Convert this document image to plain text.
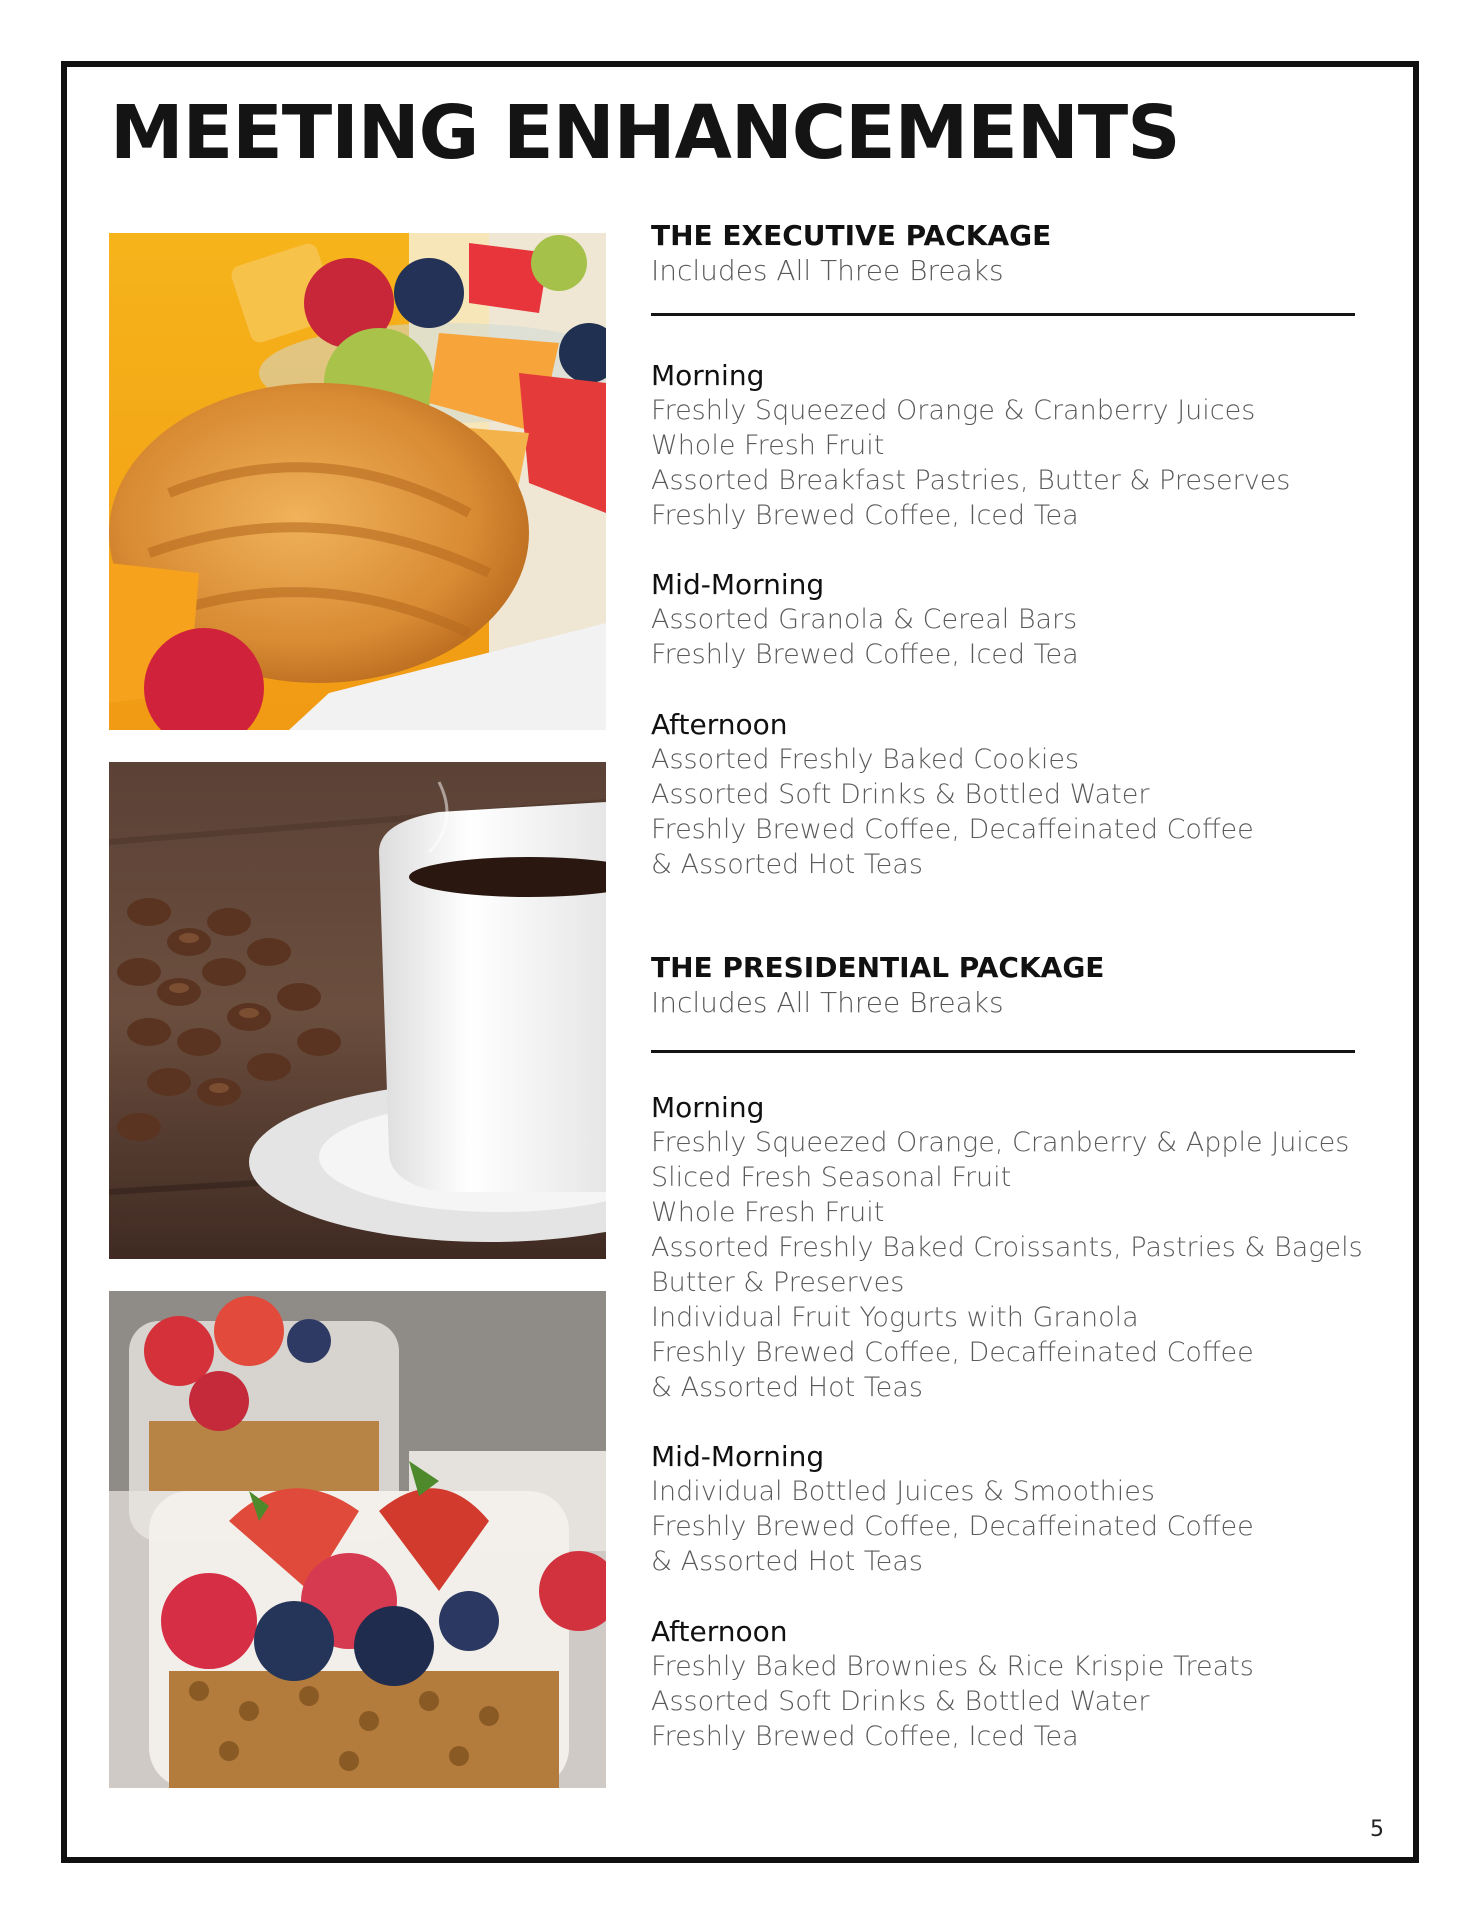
MEETING ENHANCEMENTS
THE EXECUTIVE PACKAGE
Includes All Three Breaks
Morning
Freshly Squeezed Orange & Cranberry Juices
Whole Fresh Fruit
Assorted Breakfast Pastries, Butter & Preserves
Freshly Brewed Coffee, Iced Tea
Mid-Morning
Assorted Granola & Cereal Bars
Freshly Brewed Coffee, Iced Tea
Afternoon
Assorted Freshly Baked Cookies
Assorted Soft Drinks & Bottled Water
Freshly Brewed Coffee, Decaffeinated Coffee
& Assorted Hot Teas
THE PRESIDENTIAL PACKAGE
Includes All Three Breaks
Morning
Freshly Squeezed Orange, Cranberry & Apple Juices
Sliced Fresh Seasonal Fruit
Whole Fresh Fruit
Assorted Freshly Baked Croissants, Pastries & Bagels
Butter & Preserves
Individual Fruit Yogurts with Granola
Freshly Brewed Coffee, Decaffeinated Coffee
& Assorted Hot Teas
Mid-Morning
Individual Bottled Juices & Smoothies
Freshly Brewed Coffee, Decaffeinated Coffee
& Assorted Hot Teas
Afternoon
Freshly Baked Brownies & Rice Krispie Treats
Assorted Soft Drinks & Bottled Water
Freshly Brewed Coffee, Iced Tea
5
